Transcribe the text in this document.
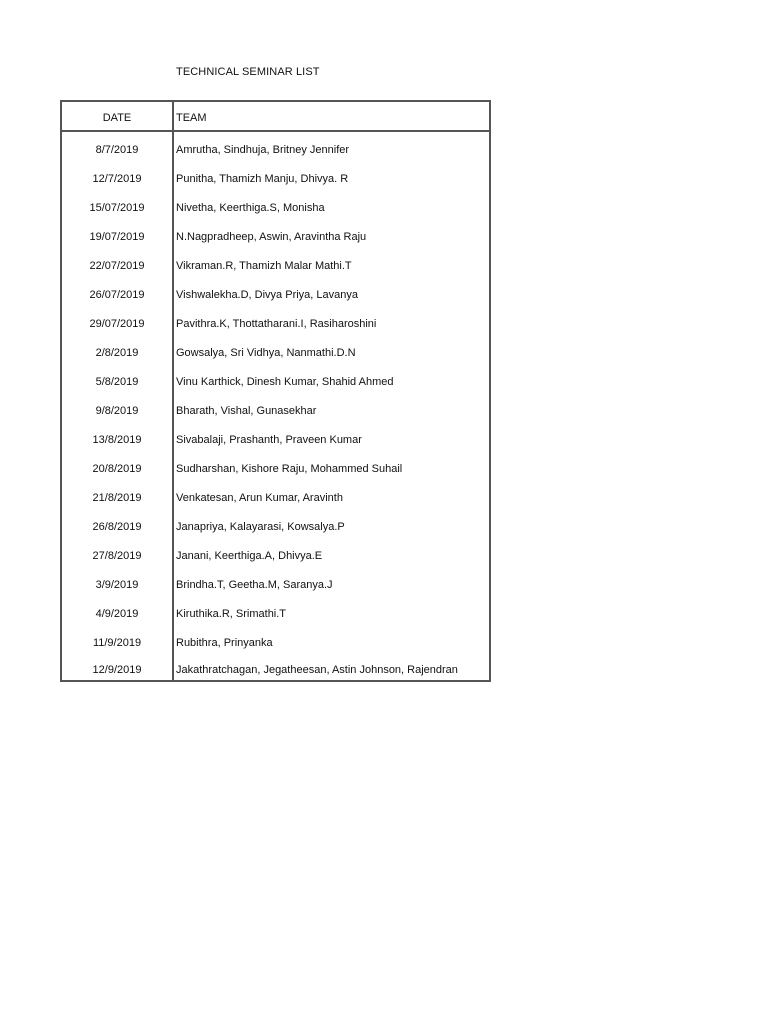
TECHNICAL SEMINAR LIST
DATE	TEAM
8/7/2019	Amrutha, Sindhuja, Britney Jennifer
12/7/2019	Punitha, Thamizh Manju, Dhivya. R
15/07/2019	Nivetha, Keerthiga.S, Monisha
19/07/2019	N.Nagpradheep, Aswin, Aravintha Raju
22/07/2019	Vikraman.R, Thamizh Malar Mathi.T
26/07/2019	Vishwalekha.D, Divya Priya, Lavanya
29/07/2019	Pavithra.K, Thottatharani.I, Rasiharoshini
2/8/2019	Gowsalya, Sri Vidhya, Nanmathi.D.N
5/8/2019	Vinu Karthick, Dinesh Kumar, Shahid Ahmed
9/8/2019	Bharath, Vishal, Gunasekhar
13/8/2019	Sivabalaji, Prashanth, Praveen Kumar
20/8/2019	Sudharshan, Kishore Raju, Mohammed Suhail
21/8/2019	Venkatesan, Arun Kumar, Aravinth
26/8/2019	Janapriya, Kalayarasi, Kowsalya.P
27/8/2019	Janani, Keerthiga.A, Dhivya.E
3/9/2019	Brindha.T, Geetha.M, Saranya.J
4/9/2019	Kiruthika.R, Srimathi.T
11/9/2019	Rubithra, Prinyanka
12/9/2019	Jakathratchagan, Jegatheesan, Astin Johnson, Rajendran
